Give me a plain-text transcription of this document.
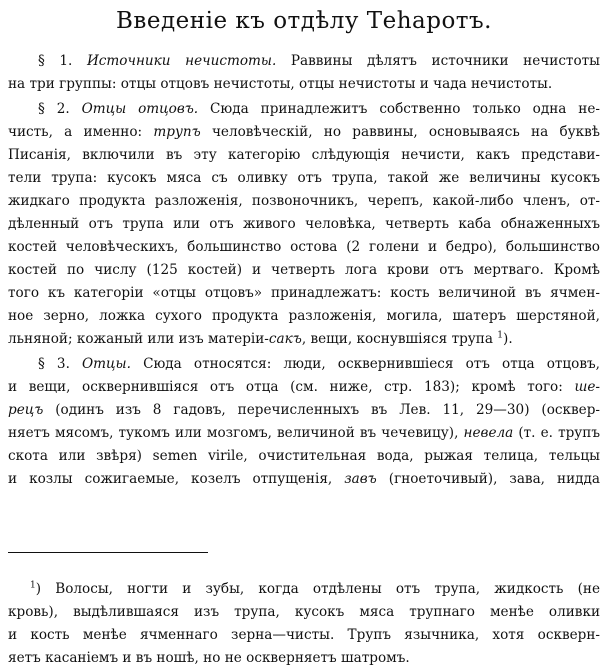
Введеніе къ отдѣлу Теһаротъ.
§ 1. Источники нечистоты. Раввины дѣлятъ источники нечистоты
на три группы: отцы отцовъ нечистоты, отцы нечистоты и чада нечистоты.
§ 2. Отцы отцовъ. Сюда принадлежитъ собственно только одна не-
чисть, а именно: трупъ человѣческій, но раввины, основываясь на буквѣ
Писанія, включили въ эту категорію слѣдующія нечисти, какъ представи-
тели трупа: кусокъ мяса съ оливку отъ трупа, такой же величины кусокъ
жидкаго продукта разложенія, позвоночникъ, черепъ, какой-либо членъ, от-
дѣленный отъ трупа или отъ живого человѣка, четверть каба обнаженныхъ
костей человѣческихъ, большинство остова (2 голени и бедро), большинство
костей по числу (125 костей) и четверть лога крови отъ мертваго. Кромѣ
того къ категоріи «отцы отцовъ» принадлежатъ: кость величиной въ ячмен-
ное зерно, ложка сухого продукта разложенія, могила, шатеръ шерстяной,
льняной; кожаный или изъ матеріи-сакъ, вещи, коснувшіяся трупа $^1$).
§ 3. Отцы. Сюда относятся: люди, осквернившіеся отъ отца отцовъ,
и вещи, осквернившіяся отъ отца (см. ниже, стр. 183); кромѣ того: ше-
рецъ (одинъ изъ 8 гадовъ, перечисленныхъ въ Лев. 11, 29—30) (осквер-
няетъ мясомъ, тукомъ или мозгомъ, величиной въ чечевицу), невела (т. е. трупъ
скота или звѣря) semen virile, очистительная вода, рыжая телица, тельцы
и козлы сожигаемые, козелъ отпущенія, завъ (гноеточивый), зава, нидда
$^1$) Волосы, ногти и зубы, когда отдѣлены отъ трупа, жидкость (не
кровь), выдѣлившаяся изъ трупа, кусокъ мяса трупнаго менѣе оливки
и кость менѣе ячменнаго зерна—чисты. Трупъ язычника, хотя оскверн-
яетъ касаніемъ и въ ношѣ, но не оскверняетъ шатромъ.
